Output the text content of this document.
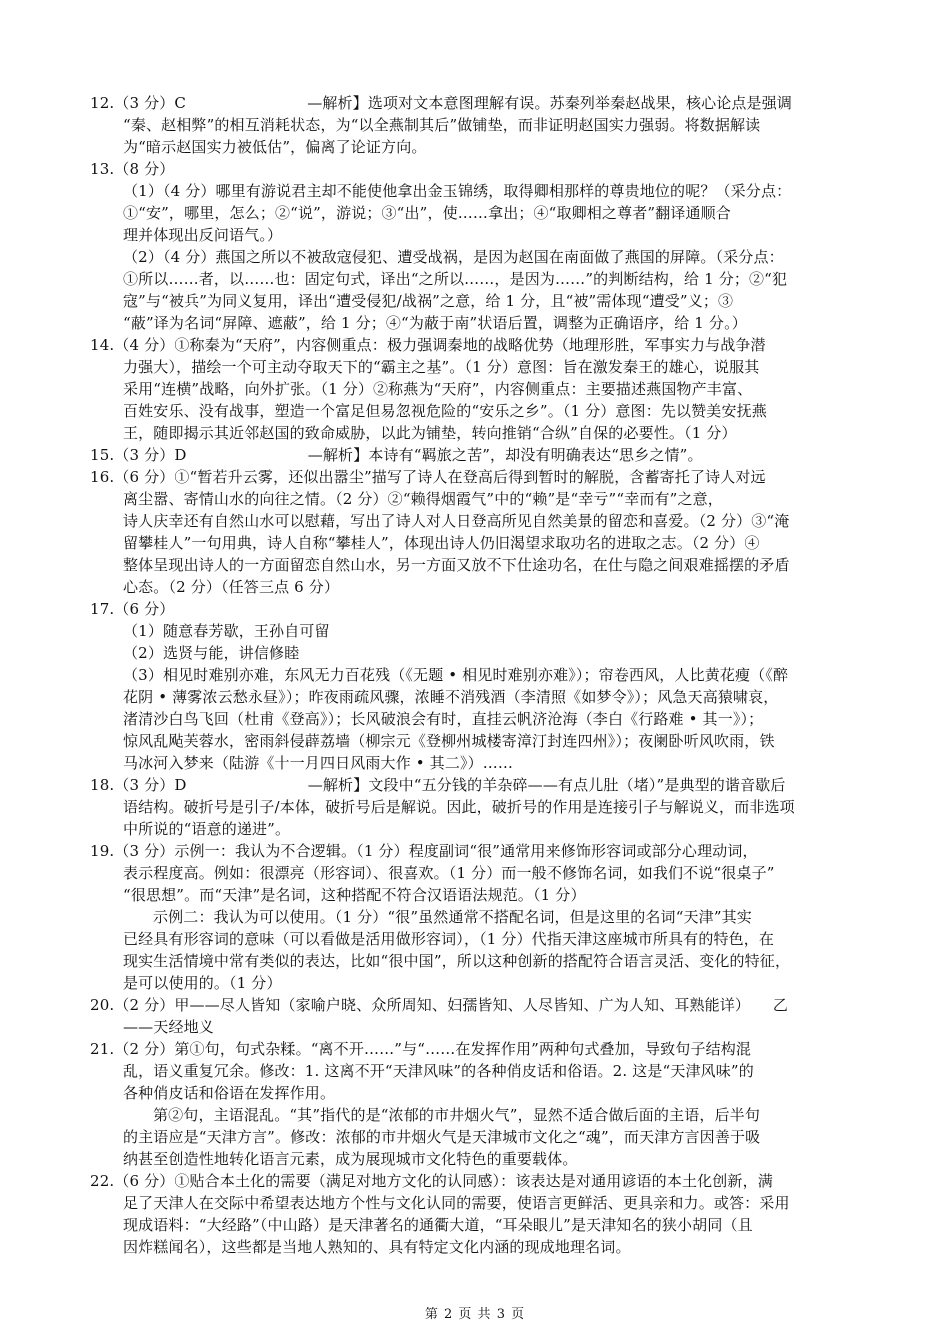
12.（3 分）C　　　　　　　　—解析】选项对文本意图理解有误。苏秦列举秦赵战果，核心论点是强调

“秦、赵相弊”的相互消耗状态，为“以全燕制其后”做铺垫，而非证明赵国实力强弱。将数据解读

为“暗示赵国实力被低估”，偏离了论证方向。

13.（8 分）

（1）（4 分）哪里有游说君主却不能使他拿出金玉锦绣，取得卿相那样的尊贵地位的呢？（采分点：

①“安”，哪里，怎么；②“说”，游说；③“出”，使……拿出；④“取卿相之尊者”翻译通顺合

理并体现出反问语气。）

（2）（4 分）燕国之所以不被敌寇侵犯、遭受战祸，是因为赵国在南面做了燕国的屏障。（采分点：

①所以……者，以……也：固定句式，译出“之所以……，是因为……”的判断结构，给 1 分；②“犯

寇”与“被兵”为同义复用，译出“遭受侵犯/战祸”之意，给 1 分，且“被”需体现“遭受”义；③

“蔽”译为名词“屏障、遮蔽”，给 1 分；④“为蔽于南”状语后置，调整为正确语序，给 1 分。）

14.（4 分）①称秦为“天府”，内容侧重点：极力强调秦地的战略优势（地理形胜，军事实力与战争潜

力强大），描绘一个可主动夺取天下的“霸主之基”。（1 分）意图：旨在激发秦王的雄心，说服其

采用“连横”战略，向外扩张。（1 分）②称燕为“天府”，内容侧重点：主要描述燕国物产丰富、

百姓安乐、没有战事，塑造一个富足但易忽视危险的“安乐之乡”。（1 分）意图：先以赞美安抚燕

王，随即揭示其近邻赵国的致命威胁，以此为铺垫，转向推销“合纵”自保的必要性。（1 分）

15.（3 分）D　　　　　　　　—解析】本诗有“羁旅之苦”，却没有明确表达“思乡之情”。

16.（6 分）①“暂若升云雾，还似出嚣尘”描写了诗人在登高后得到暂时的解脱，含蓄寄托了诗人对远

离尘嚣、寄情山水的向往之情。（2 分）②“赖得烟霞气”中的“赖”是“幸亏”“幸而有”之意，

诗人庆幸还有自然山水可以慰藉，写出了诗人对人日登高所见自然美景的留恋和喜爱。（2 分）③“淹

留攀桂人”一句用典，诗人自称“攀桂人”，体现出诗人仍旧渴望求取功名的进取之志。（2 分）④

整体呈现出诗人的一方面留恋自然山水，另一方面又放不下仕途功名，在仕与隐之间艰难摇摆的矛盾

心态。（2 分）（任答三点 6 分）

17.（6 分）

（1）随意春芳歇，王孙自可留

（2）选贤与能，讲信修睦

（3）相见时难别亦难，东风无力百花残（《无题 • 相见时难别亦难》）；帘卷西风，人比黄花瘦（《醉

花阴 • 薄雾浓云愁永昼》）；昨夜雨疏风骤，浓睡不消残酒（李清照《如梦令》）；风急天高猿啸哀，

渚清沙白鸟飞回（杜甫《登高》）；长风破浪会有时，直挂云帆济沧海（李白《行路难 • 其一》）；

惊风乱飐芙蓉水，密雨斜侵薜荔墙（柳宗元《登柳州城楼寄漳汀封连四州》）；夜阑卧听风吹雨，铁

马冰河入梦来（陆游《十一月四日风雨大作 • 其二》）……

18.（3 分）D　　　　　　　　—解析】文段中“五分钱的羊杂碎——有点儿肚（堵）”是典型的谐音歇后

语结构。破折号是引子/本体，破折号后是解说。因此，破折号的作用是连接引子与解说义，而非选项

中所说的“语意的递进”。

19.（3 分）示例一：我认为不合逻辑。（1 分）程度副词“很”通常用来修饰形容词或部分心理动词，

表示程度高。例如：很漂亮（形容词）、很喜欢。（1 分）而一般不修饰名词，如我们不说“很桌子”

“很思想”。而“天津”是名词，这种搭配不符合汉语语法规范。（1 分）

示例二：我认为可以使用。（1 分）“很”虽然通常不搭配名词，但是这里的名词“天津”其实

已经具有形容词的意味（可以看做是活用做形容词），（1 分）代指天津这座城市所具有的特色，在

现实生活情境中常有类似的表达，比如“很中国”，所以这种创新的搭配符合语言灵活、变化的特征，

是可以使用的。（1 分）

20.（2 分）甲——尽人皆知（家喻户晓、众所周知、妇孺皆知、人尽皆知、广为人知、耳熟能详）　　乙

——天经地义

21.（2 分）第①句，句式杂糅。“离不开……”与“……在发挥作用”两种句式叠加，导致句子结构混

乱，语义重复冗余。修改：1. 这离不开“天津风味”的各种俏皮话和俗语。2. 这是“天津风味”的

各种俏皮话和俗语在发挥作用。

第②句，主语混乱。“其”指代的是“浓郁的市井烟火气”，显然不适合做后面的主语，后半句

的主语应是“天津方言”。修改：浓郁的市井烟火气是天津城市文化之“魂”，而天津方言因善于吸

纳甚至创造性地转化语言元素，成为展现城市文化特色的重要载体。

22.（6 分）①贴合本土化的需要（满足对地方文化的认同感）：该表达是对通用谚语的本土化创新，满

足了天津人在交际中希望表达地方个性与文化认同的需要，使语言更鲜活、更具亲和力。或答：采用

现成语料：“大经路”（中山路）是天津著名的通衢大道，“耳朵眼儿”是天津知名的狭小胡同（且

因炸糕闻名），这些都是当地人熟知的、具有特定文化内涵的现成地理名词。

第 2 页 共 3 页
